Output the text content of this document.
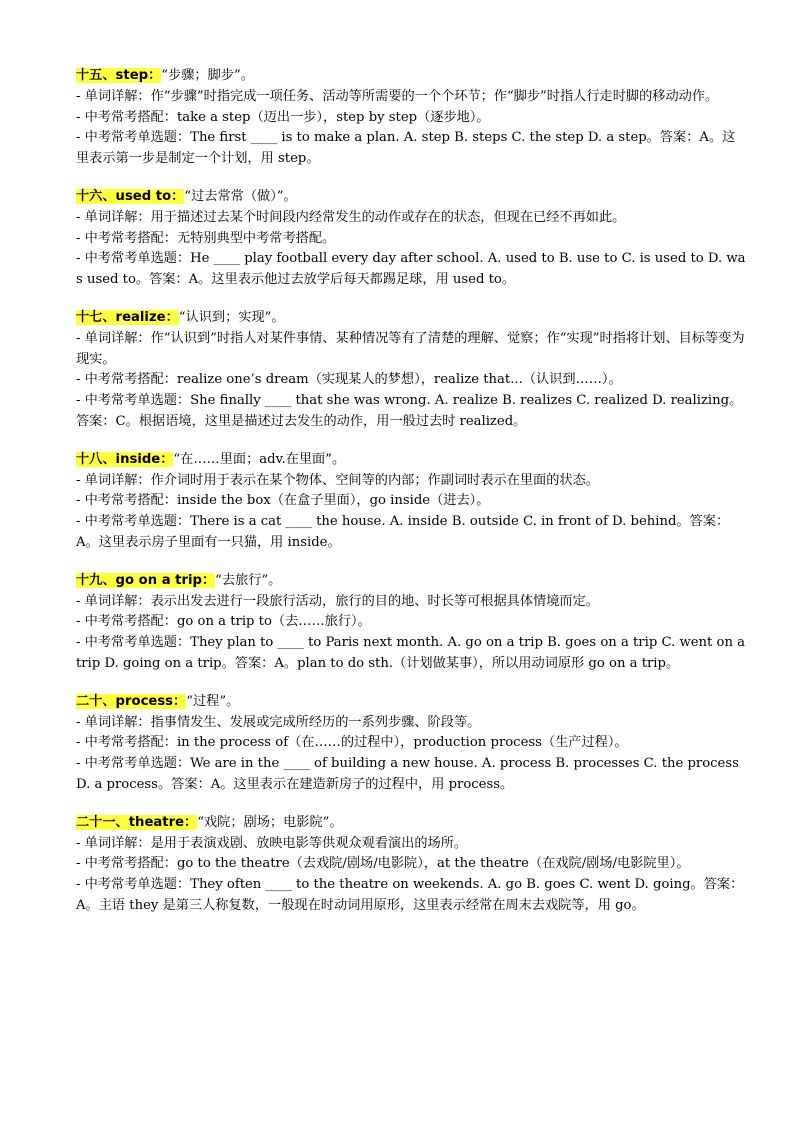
十五、step：“步骤；脚步”。
- 单词详解：作“步骤”时指完成一项任务、活动等所需要的一个个环节；作“脚步”时指人行走时脚的移动动作。
- 中考常考搭配：take a step（迈出一步），step by step（逐步地）。
- 中考常考单选题：The first ____ is to make a plan. A. step B. steps C. the step D. a step。答案：A。这里表示第一步是制定一个计划，用 step。
十六、used to：“过去常常（做）”。
- 单词详解：用于描述过去某个时间段内经常发生的动作或存在的状态，但现在已经不再如此。
- 中考常考搭配：无特别典型中考常考搭配。
- 中考常考单选题：He ____ play football every day after school. A. used to B. use to C. is used to D. was used to。答案：A。这里表示他过去放学后每天都踢足球，用 used to。
十七、realize：“认识到；实现”。
- 单词详解：作“认识到”时指人对某件事情、某种情况等有了清楚的理解、觉察；作“实现”时指将计划、目标等变为现实。
- 中考常考搭配：realize one’s dream（实现某人的梦想），realize that...（认识到……）。
- 中考常考单选题：She finally ____ that she was wrong. A. realize B. realizes C. realized D. realizing。答案：C。根据语境，这里是描述过去发生的动作，用一般过去时 realized。
十八、inside：“在……里面；adv.在里面”。
- 单词详解：作介词时用于表示在某个物体、空间等的内部；作副词时表示在里面的状态。
- 中考常考搭配：inside the box（在盒子里面），go inside（进去）。
- 中考常考单选题：There is a cat ____ the house. A. inside B. outside C. in front of D. behind。答案：A。这里表示房子里面有一只猫，用 inside。
十九、go on a trip：“去旅行”。
- 单词详解：表示出发去进行一段旅行活动，旅行的目的地、时长等可根据具体情境而定。
- 中考常考搭配：go on a trip to（去……旅行）。
- 中考常考单选题：They plan to ____ to Paris next month. A. go on a trip B. goes on a trip C. went on a trip D. going on a trip。答案：A。plan to do sth.（计划做某事），所以用动词原形 go on a trip。
二十、process：“过程”。
- 单词详解：指事情发生、发展或完成所经历的一系列步骤、阶段等。
- 中考常考搭配：in the process of（在……的过程中），production process（生产过程）。
- 中考常考单选题：We are in the ____ of building a new house. A. process B. processes C. the process D. a process。答案：A。这里表示在建造新房子的过程中，用 process。
二十一、theatre：“戏院；剧场；电影院”。
- 单词详解：是用于表演戏剧、放映电影等供观众观看演出的场所。
- 中考常考搭配：go to the theatre（去戏院/剧场/电影院），at the theatre（在戏院/剧场/电影院里）。
- 中考常考单选题：They often ____ to the theatre on weekends. A. go B. goes C. went D. going。答案：A。主语 they 是第三人称复数，一般现在时动词用原形，这里表示经常在周末去戏院等，用 go。
